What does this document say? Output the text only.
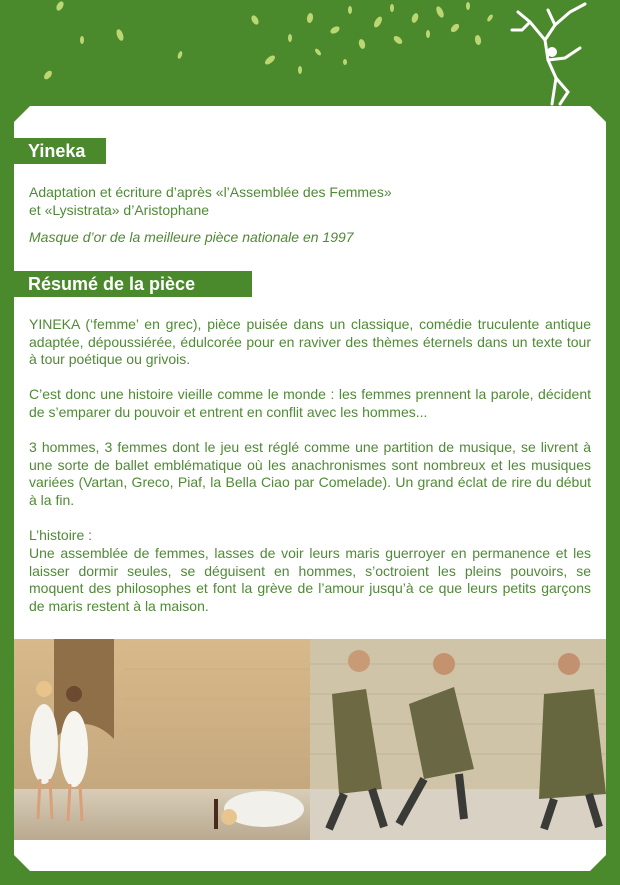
Yineka
Adaptation et écriture d’après «l’Assemblée des Femmes»
et «Lysistrata» d’Aristophane
Masque d’or de la meilleure pièce nationale en 1997
Résumé de la pièce
YINEKA (‘femme’ en grec), pièce puisée dans un classique, comédie truculente antique adaptée, dépoussiérée, édulcorée pour en raviver des thèmes éternels dans un texte tour à tour poétique ou grivois.
C’est donc une histoire vieille comme le monde : les femmes prennent la parole, décident de s’emparer du pouvoir et entrent en conflit avec les hommes...
3 hommes, 3 femmes dont le jeu est réglé comme une partition de musique, se livrent à une sorte de ballet emblématique où les anachronismes sont nombreux et les musiques variées (Vartan, Greco, Piaf, la Bella Ciao par Comelade). Un grand éclat de rire du début à la fin.
L’histoire :
Une assemblée de femmes, lasses de voir leurs maris guerroyer en permanence et les laisser dormir seules, se déguisent en hommes, s’octroient les pleins pouvoirs, se moquent des philosophes et font la grève de l’amour jusqu’à ce que leurs petits garçons de maris restent à la maison.
